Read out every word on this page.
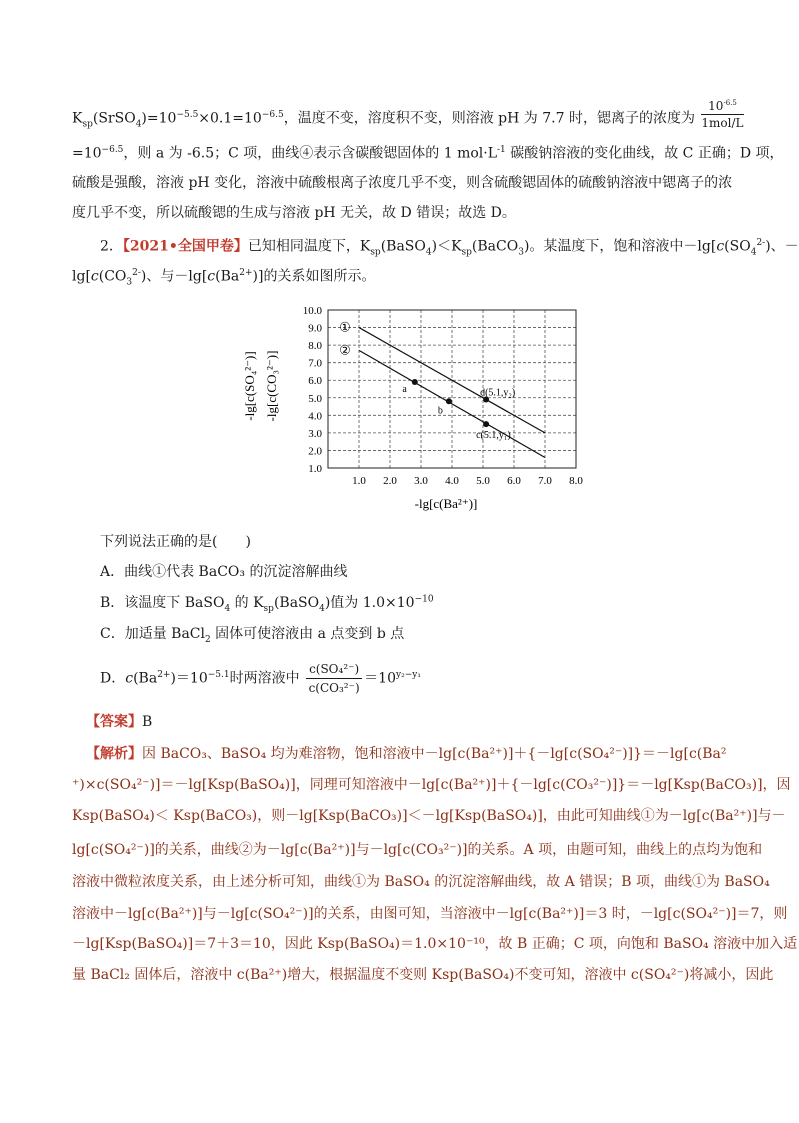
$K_{sp}(SrSO_4)=10^{-5.5}\times 0.1=10^{-6.5}$，温度不变，溶度积不变，则溶液 pH 为 7.7 时，锶离子的浓度为 $\frac{10^{-6.5}}{\text{1mol/L}}$
$=10^{-6.5}$，则 a 为 -6.5；C 项，曲线④表示含碳酸锶固体的 1 $mol\cdot L^{-1}$ 碳酸钠溶液的变化曲线，故 C 正确；D 项，
硫酸是强酸，溶液 pH 变化，溶液中硫酸根离子浓度几乎不变，则含硫酸锶固体的硫酸钠溶液中锶离子的浓
度几乎不变，所以硫酸锶的生成与溶液 pH 无关，故 D 错误；故选 D。
2．【2021•全国甲卷】已知相同温度下，$K_{sp}(BaSO_4)<K_{sp}(BaCO_3)$。某温度下，饱和溶液中$-\lg[c(SO_4^{2-})$、－
$\lg[c(CO_3^{2-})$、与$-\lg[c(Ba^{2+})]$的关系如图所示。
1.0 2.0 3.0 4.0 5.0 6.0 7.0 8.0
1.0
2.0
3.0
4.0
5.0
6.0
7.0
8.0
9.0
10.0
①
②
a
b
d(5.1,y₂)
c(5.1,y₁)
-lg[c(SO₄²⁻)] -lg[c(CO₃²⁻)]
-lg[c(Ba²⁺)]
下列说法正确的是(　　)
A．曲线①代表 BaCO₃ 的沉淀溶解曲线
B．该温度下 BaSO$_4$ 的 $K_{sp}(BaSO_4)$值为 $1.0\times 10^{-10}$
C．加适量 BaCl$_2$ 固体可使溶液由 a 点变到 b 点
D．$c(Ba^{2+})=10^{-5.1}$时两溶液中 $\frac{\text{c(SO₄²⁻)}}{\text{c(CO₃²⁻)}} =10^{y_2-y_1}$
【答案】B
【解析】因 BaCO₃、BaSO₄ 均为难溶物，饱和溶液中－lg[c(Ba²⁺)]＋{－lg[c(SO₄²⁻)]}＝－lg[c(Ba²
⁺)×c(SO₄²⁻)]＝－lg[Ksp(BaSO₄)]，同理可知溶液中－lg[c(Ba²⁺)]＋{－lg[c(CO₃²⁻)]}＝－lg[Ksp(BaCO₃)]，因
Ksp(BaSO₄)＜ Ksp(BaCO₃)，则－lg[Ksp(BaCO₃)]＜－lg[Ksp(BaSO₄)]，由此可知曲线①为－lg[c(Ba²⁺)]与－
lg[c(SO₄²⁻)]的关系，曲线②为－lg[c(Ba²⁺)]与－lg[c(CO₃²⁻)]的关系。A 项，由题可知，曲线上的点均为饱和
溶液中微粒浓度关系，由上述分析可知，曲线①为 BaSO₄ 的沉淀溶解曲线，故 A 错误；B 项，曲线①为 BaSO₄
溶液中－lg[c(Ba²⁺)]与－lg[c(SO₄²⁻)]的关系，由图可知，当溶液中－lg[c(Ba²⁺)]＝3 时，－lg[c(SO₄²⁻)]＝7，则
－lg[Ksp(BaSO₄)]＝7＋3＝10，因此 Ksp(BaSO₄)＝1.0×10⁻¹⁰，故 B 正确；C 项，向饱和 BaSO₄ 溶液中加入适
量 BaCl₂ 固体后，溶液中 c(Ba²⁺)增大，根据温度不变则 Ksp(BaSO₄)不变可知，溶液中 c(SO₄²⁻)将减小，因此
